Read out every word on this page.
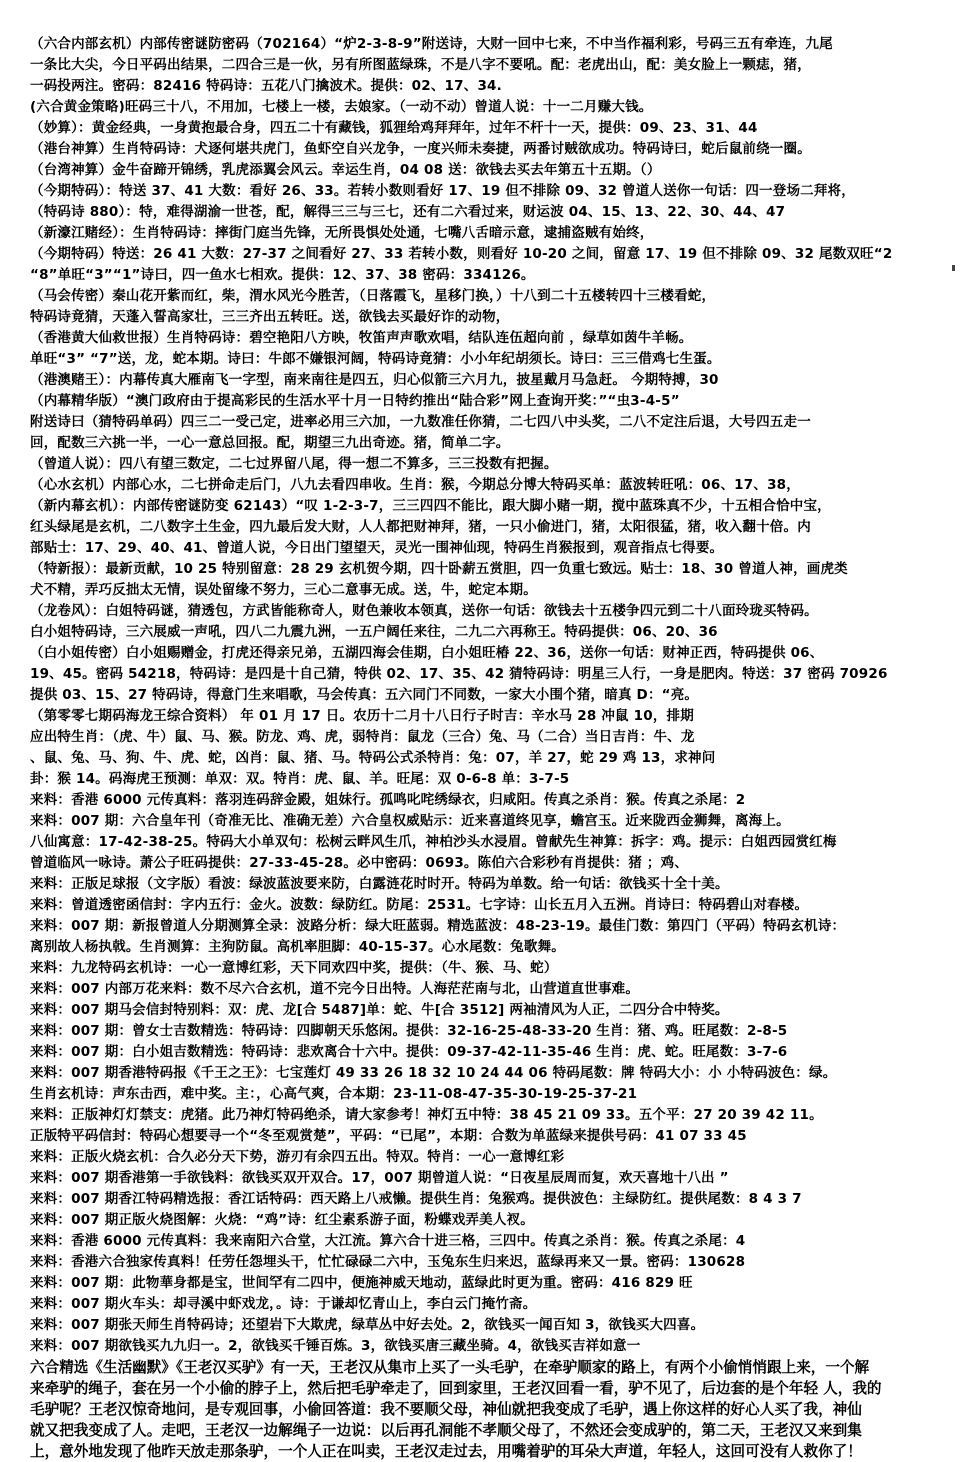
（六合内部玄机）内部传密谜防密码（702164）“炉2-3-8-9”附送诗，大财一回中七来，不中当作福利彩，号码三五有牵连，九尾
一条比大尖，今日平码出结果，二四合三是一伙，另有所图蓝绿珠，不是八字不要吼。配：老虎出山，配：美女脸上一颗痣，猪，
一码投两注。密码：82416 特码诗：五花八门擒波术。提供：02、17、34.
(六合黄金策略)旺码三十八，不用加，七楼上一楼，去娘家。（一动不动）曾道人说：十一二月赚大钱。
（妙算）：黄金经典，一身黄抱最合身，四五二十有藏钱，狐狸给鸡拜拜年，过年不杆十一天，提供：09、23、31、44
（港台神算）生肖特码诗：犬逐何堪共虎门，鱼虾空自兴龙争，一度兴师未奏捷，两番讨贼欲成功。特码诗曰，蛇后鼠前绕一圈。
（台湾神算）金牛奋蹄开锦绣，乳虎添翼会风云。幸运生肖，04 08 送：欲钱去买去年第五十五期。（）
（今期特码）：特送 37、41 大数：看好 26、33。若转小数则看好 17、19 但不排除 09、32 曾道人送你一句话：四一登场二拜将，
（特码诗 880）：特，难得湖渝一世苍，配，解得三三与三七，还有二六看过来，财运波 04、15、13、22、30、44、47
（新濠江赌经）：生肖特码诗：摔街门庭当先锋，无所畏惧处处通，七嘴八舌暗示意，逮捕盗贼有始终，
（今期特码）特送：26 41 大数：27-37 之间看好 27、33 若转小数，则看好 10-20 之间，留意 17、19 但不排除 09、32 尾数双旺“2
“8”单旺“3”“1”诗曰，四一鱼水七相欢。提供：12、37、38 密码：334126。
（马会传密）秦山花开紫而红，柴，渭水风光今胜苦，（日落霞飞，星移门换，）十八到二十五楼转四十三楼看蛇，
特码诗竟猜，天蓬入誓高家壮，三三齐出五转旺。送，欲钱去买最好诈的动物，
（香港黄大仙救世报）生肖特码诗：碧空艳阳八方映，牧笛声声歌欢唱，结队连伍超向前 ，绿草如茵牛羊畅。
单旺“3” “7”送，龙，蛇本期。诗曰：牛郎不嫌银河阔，特码诗竟猜：小小年纪胡须长。诗曰：三三借鸡七生蛋。
（港澳赌王）：内幕传真大雁南飞一字型，南来南往是四五，归心似箭三六月九，披星戴月马急赶。 今期特搏，30
（内幕精华版）“澳门政府由于提高彩民的生活水平十月一日特约推出“陆合彩”网上查询开奖：”“虫3-4-5”
附送诗曰（猜特码单码）四三二一受己定，进率必用三六加，一九数准任你猜，二七四八中头奖，二八不定注后退，大号四五走一
回，配数三六挑一半，一心一意总回报。配，期望三九出奇迹。猪，简单二字。
（曾道人说）：四八有望三数定，二七过界留八尾，得一想二不算多，三三投数有把握。
（心水玄机）内部心水，二七拼命走后门，八九去看四串收。生肖：猴，今期总分博大特码买单：蓝波转旺吼：06、17、38，
（新内幕玄机）：内部传密谜防变 62143）“叹 1-2-3-7，三三四四不能比，跟大脚小赌一期，搅中蓝珠真不少，十五相合恰中宝，
红头绿尾是玄机，二八数字土生金，四九最后发大财，人人都把财神拜，猪，一只小偷进门，猪，太阳很猛，猪，收入翻十倍。内
部贴士：17、29、40、41、曾道人说，今日出门望望天，灵光一围神仙现，特码生肖猴报到，观音指点七得要。
（特新报）：最新贡献，10 25 特别留意：28 29 玄机贺今期，四十卧薪五赏胆，四一负重七致远。贴士：18、30 曾道人神，画虎类
犬不精，弄巧反拙太无情，误处留缘不努力，三心二意事无成。送，牛，蛇定本期。
（龙卷风）：白姐特码谜，猜透包，方武皆能称奇人，财色兼收本领真，送你一句话：欲钱去十五楼争四元到二十八面玲珑买特码。
白小姐特码诗，三六展威一声吼，四八二九震九洲，一五户阔任来往，二九二六再称王。特码提供：06、20、36
（白小姐传密）白小姐赐赠金，打虎还得亲兄弟，五湖四海会佳期，白小姐旺椿 22、36，送你一句话：财神正西，特码提供 06、
19、45。密码 54218，特码诗：是四是十自己猜，特供 02、17、35、42 猜特码诗：明星三人行，一身是肥肉。特送：37 密码 70926
提供 03、15、27 特码诗，得意门生来唱歌，马会传真：五六同门不同数，一家大小围个猪，暗真 D：“亮。
（第零零七期码海龙王综合资料） 年 01 月 17 日。农历十二月十八日行子时吉：辛水马 28 冲鼠 10，排期
应出特生肖：（虎、牛）鼠、马、猴。防龙、鸡、虎，弱特肖：鼠龙（三合）兔、马（二合）当日吉肖：牛、龙
、鼠、兔、马、狗、牛、虎、蛇，凶肖：鼠、猪、马。特码公式杀特肖：兔：07，羊 27，蛇 29 鸡 13，求神问
卦：猴 14。码海虎王预测：单双：双。特肖：虎、鼠、羊。旺尾：双 0-6-8 单：3-7-5
来料：香港 6000 元传真料：落羽连码辞金殿，姐妹行。孤鸣叱咤绣绿衣，归咸阳。传真之杀肖：猴。传真之杀尾：2
来料：007 期：六合皇年刊（奇准无比、准确无差）六合皇权威贴示：近来喜道终见享，蟾宫玉。近来陇西金狮舞，离海上。
八仙寓意：17-42-38-25。特码大小单双句：松树云畔风生爪，神柏沙头水浸眉。曾献先生神算：拆字：鸡。提示：白姐西园赏红梅
曾道临风一咏诗。萧公子旺码提供：27-33-45-28。必中密码：0693。陈伯六合彩秒有肖提供：猪 ；鸡、
来料：正版足球报（文字版）看波：绿波蓝波要来防，白露涟花时时开。特码为单数。给一句话：欲钱买十全十美。
来料：曾道透密函信封：字内五行：金火。波数：绿防红。防尾：2531。七字诗：山长五月入五洲。肖诗曰：特码碧山对春楼。
来料：007 期：新报曾道人分期测算全录：波路分析：绿大旺蓝弱。精选蓝波：48-23-19。最佳门数：第四门（平码）特码玄机诗：
离别故人杨执戟。生肖测算：主狗防鼠。高机率胆脚：40-15-37。心水尾数：兔歌舞。
来料：九龙特码玄机诗：一心一意博红彩，天下同欢四中奖，提供：（牛、猴、马、蛇）
来料：007 内部万花来料：数不尽六合玄机，道不完今日出特。人海茫茫南与北，山营道直世事难。
来料：007 期马会信封特别料：双：虎、龙[合 5487]单：蛇、牛[合 3512] 两袖清风为人正，二四分合中特奖。
来料：007 期：曾女士吉数精选：特码诗：四脚朝天乐悠闲。提供：32-16-25-48-33-20 生肖：猪、鸡。旺尾数：2-8-5
来料：007 期：白小姐吉数精选：特码诗：悲欢离合十六中。提供：09-37-42-11-35-46 生肖：虎、蛇。旺尾数：3-7-6
来料：007 期香港特码报《千王之王》：七宝莲灯 49 33 26 18 32 10 24 44 06 特码尾数：牌 特码大小：小 小特码波色：绿。
生肖玄机诗：声东击西，难中奖。主：，心高气爽，合本期：23-11-08-47-35-30-19-25-37-21
来料：正版神灯灯禁支：虎猪。此乃神灯特码绝杀，请大家参考！神灯五中特：38 45 21 09 33。五个平：27 20 39 42 11。
正版特平码信封：特码心想要寻一个“冬至观赏楚”，平码：“已尾”，本期：合数为单蓝绿来提供号码：41 07 33 45
来料：正版火烧玄机：合久必分天下势，游刃有余四五出。特双。特肖：一心一意博红彩
来料：007 期香港第一手欲钱料：欲钱买双开双合。17，007 期曾道人说：“日夜星辰周而复，欢天喜地十八出 ”
来料：007 期香江特码精选报：香江话特码：西天路上八戒懒。提供生肖：兔猴鸡。提供波色：主绿防红。提供尾数：8 4 3 7
来料：007 期正版火烧图解：火烧：“鸡”诗：红尘素系游子面，粉蝶戏弄美人衩。
来料：香港 6000 元传真料：我来南阳六合堂，大江流。算六合十进三格，三四中。传真之杀肖：猴。传真之杀尾：4
来料：香港六合独家传真料！任劳任怨埋头干，忙忙碌碌二六中，玉兔东生归来迟，蓝绿再来又一景。密码：130628
来料：007 期：此物華身都是宝，世间罕有二四中，便施神威天地动，蓝绿此时更为重。密码：416 829 旺
来料：007 期火车头：却寻溪中虾戏龙，。诗：于谦却忆青山上，李白云门掩竹斋。
来料：007 期张天师生肖特码诗；还望岩下大欺虎，绿草丛中好去处。2，欲钱买一闻百知 3，欲钱买大四喜。
来料：007 期欲钱买九九归一。2，欲钱买千锤百炼。3，欲钱买唐三藏坐骑。4，欲钱买吉祥如意一
六合精选《生活幽默》《王老汉买驴》有一天，王老汉从集市上买了一头毛驴，在牵驴顺家的路上，有两个小偷悄悄跟上来，一个解
来牵驴的绳子，套在另一个小偷的脖子上，然后把毛驴牵走了，回到家里，王老汉回看一看，驴不见了，后边套的是个年轻 人，我的
毛驴呢？王老汉惊奇地问，是专观回事，小偷回答道：我不要顺父母，神仙就把我变成了毛驴，遇上你这样的好心人买了我，神仙
就又把我变成了人。走吧，王老汉一边解绳子一边说：以后再孔洞能不孝顺父母了，不然还会变成驴的，第二天，王老汉又来到集
上，意外地发现了他昨天放走那条驴，一个人正在叫卖，王老汉走过去，用嘴着驴的耳朵大声道，年轻人，这回可没有人救你了！
